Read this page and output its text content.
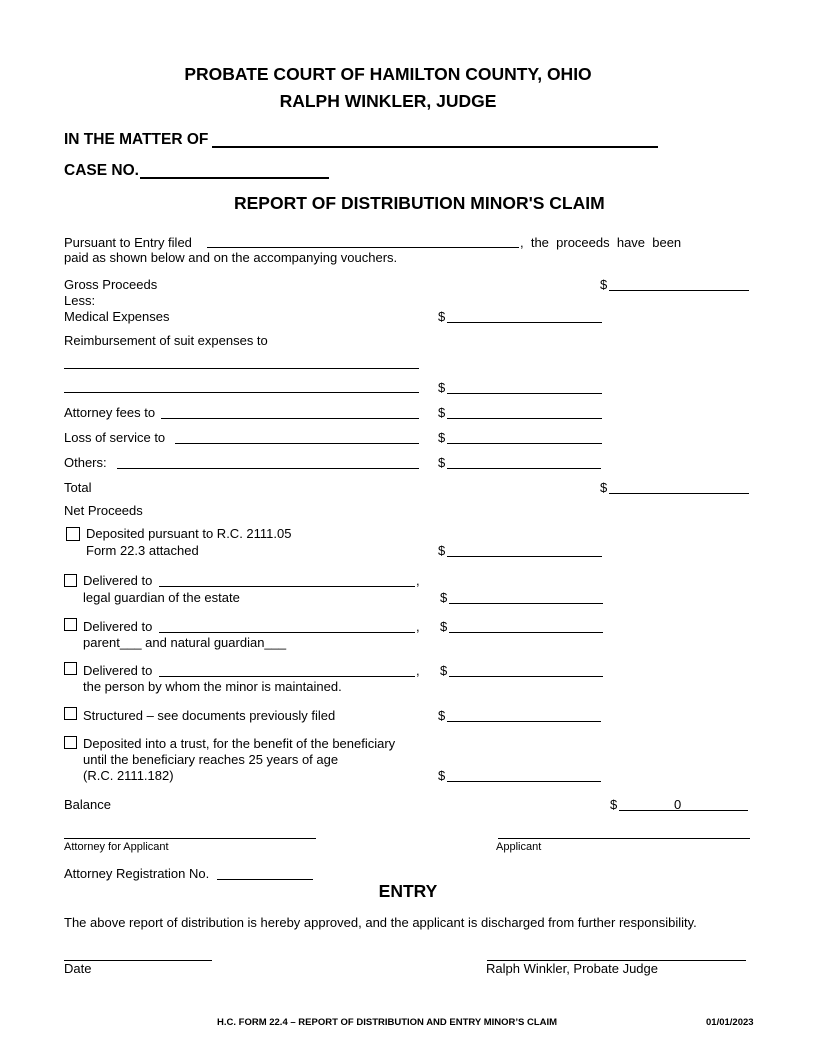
PROBATE COURT OF HAMILTON COUNTY, OHIO
RALPH WINKLER, JUDGE
IN THE MATTER OF
CASE NO.
REPORT OF DISTRIBUTION MINOR'S CLAIM
Pursuant to Entry filed	,  the  proceeds  have  been
paid as shown below and on the accompanying vouchers.
Gross Proceeds	$
Less:
Medical Expenses	$
Reimbursement of suit expenses to
$
Attorney fees to	$
Loss of service to	$
Others:	$
Total	$
Net Proceeds
Deposited pursuant to R.C. 2111.05
Form 22.3 attached	$
Delivered to	,
legal guardian of the estate	$
Delivered to	, $
parent___ and natural guardian___
Delivered to	, $
the person by whom the minor is maintained.
Structured – see documents previously filed	$
Deposited into a trust, for the benefit of the beneficiary
until the beneficiary reaches 25 years of age
(R.C. 2111.182)	$
Balance	$	0
Attorney for Applicant	Applicant
Attorney Registration No.
ENTRY
The above report of distribution is hereby approved, and the applicant is discharged from further responsibility.
Date	Ralph Winkler, Probate Judge
H.C. FORM 22.4 – REPORT OF DISTRIBUTION AND ENTRY MINOR’S CLAIM	01/01/2023
